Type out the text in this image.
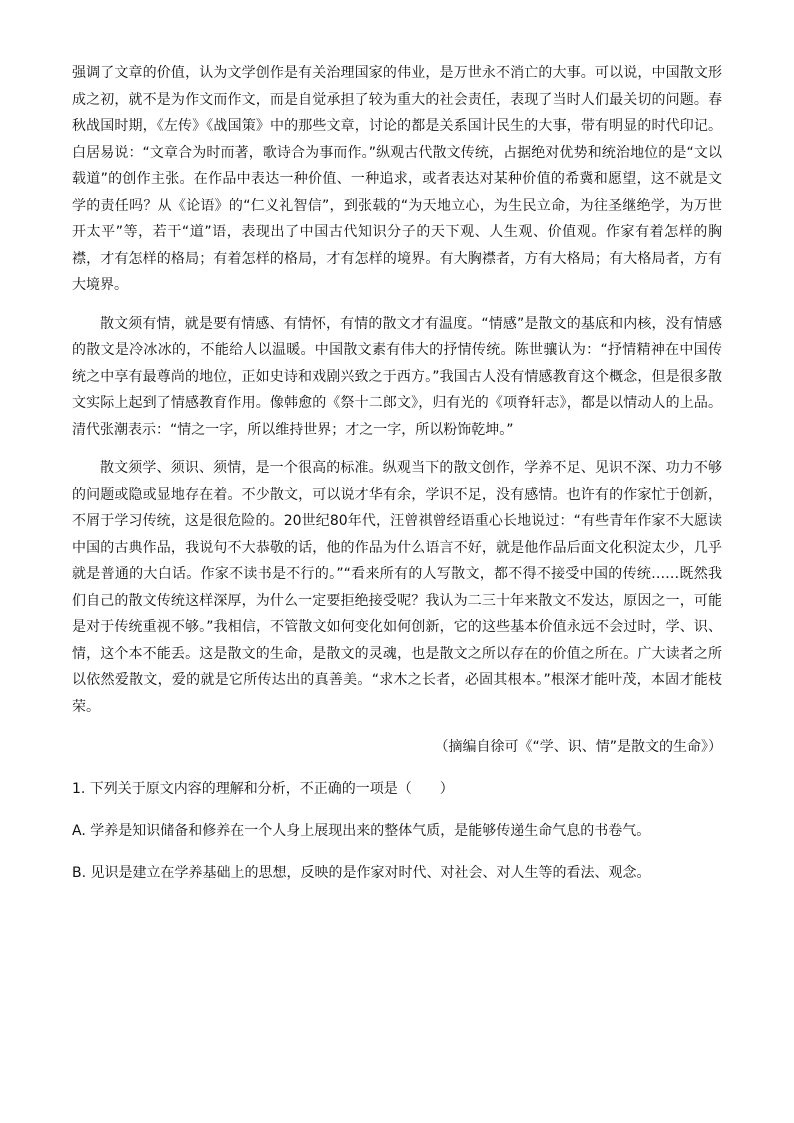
强调了文章的价值，认为文学创作是有关治理国家的伟业，是万世永不消亡的大事。可以说，中国散文形成之初，就不是为作文而作文，而是自觉承担了较为重大的社会责任，表现了当时人们最关切的问题。春秋战国时期，《左传》《战国策》中的那些文章，讨论的都是关系国计民生的大事，带有明显的时代印记。白居易说：“文章合为时而著，歌诗合为事而作。”纵观古代散文传统，占据绝对优势和统治地位的是“文以载道”的创作主张。在作品中表达一种价值、一种追求，或者表达对某种价值的希冀和愿望，这不就是文学的责任吗？从《论语》的“仁义礼智信”，到张载的“为天地立心，为生民立命，为往圣继绝学，为万世开太平”等，若干“道”语，表现出了中国古代知识分子的天下观、人生观、价值观。作家有着怎样的胸襟，才有怎样的格局；有着怎样的格局，才有怎样的境界。有大胸襟者，方有大格局；有大格局者，方有大境界。

散文须有情，就是要有情感、有情怀，有情的散文才有温度。“情感”是散文的基底和内核，没有情感的散文是冷冰冰的，不能给人以温暖。中国散文素有伟大的抒情传统。陈世骧认为：“抒情精神在中国传统之中享有最尊尚的地位，正如史诗和戏剧兴致之于西方。”我国古人没有情感教育这个概念，但是很多散文实际上起到了情感教育作用。像韩愈的《祭十二郎文》，归有光的《项脊轩志》，都是以情动人的上品。清代张潮表示：“情之一字，所以维持世界；才之一字，所以粉饰乾坤。”

散文须学、须识、须情，是一个很高的标准。纵观当下的散文创作，学养不足、见识不深、功力不够的问题或隐或显地存在着。不少散文，可以说才华有余，学识不足，没有感情。也许有的作家忙于创新，不屑于学习传统，这是很危险的。20世纪80年代，汪曾祺曾经语重心长地说过：“有些青年作家不大愿读中国的古典作品，我说句不大恭敬的话，他的作品为什么语言不好，就是他作品后面文化积淀太少，几乎就是普通的大白话。作家不读书是不行的。”“看来所有的人写散文，都不得不接受中国的传统……既然我们自己的散文传统这样深厚，为什么一定要拒绝接受呢？我认为二三十年来散文不发达，原因之一，可能是对于传统重视不够。”我相信，不管散文如何变化如何创新，它的这些基本价值永远不会过时，学、识、情，这个本不能丢。这是散文的生命，是散文的灵魂，也是散文之所以存在的价值之所在。广大读者之所以依然爱散文，爱的就是它所传达出的真善美。“求木之长者，必固其根本。”根深才能叶茂，本固才能枝荣。

（摘编自徐可《“学、识、情”是散文的生命》）

1. 下列关于原文内容的理解和分析，不正确的一项是（　　）

A. 学养是知识储备和修养在一个人身上展现出来的整体气质，是能够传递生命气息的书卷气。

B. 见识是建立在学养基础上的思想，反映的是作家对时代、对社会、对人生等的看法、观念。
